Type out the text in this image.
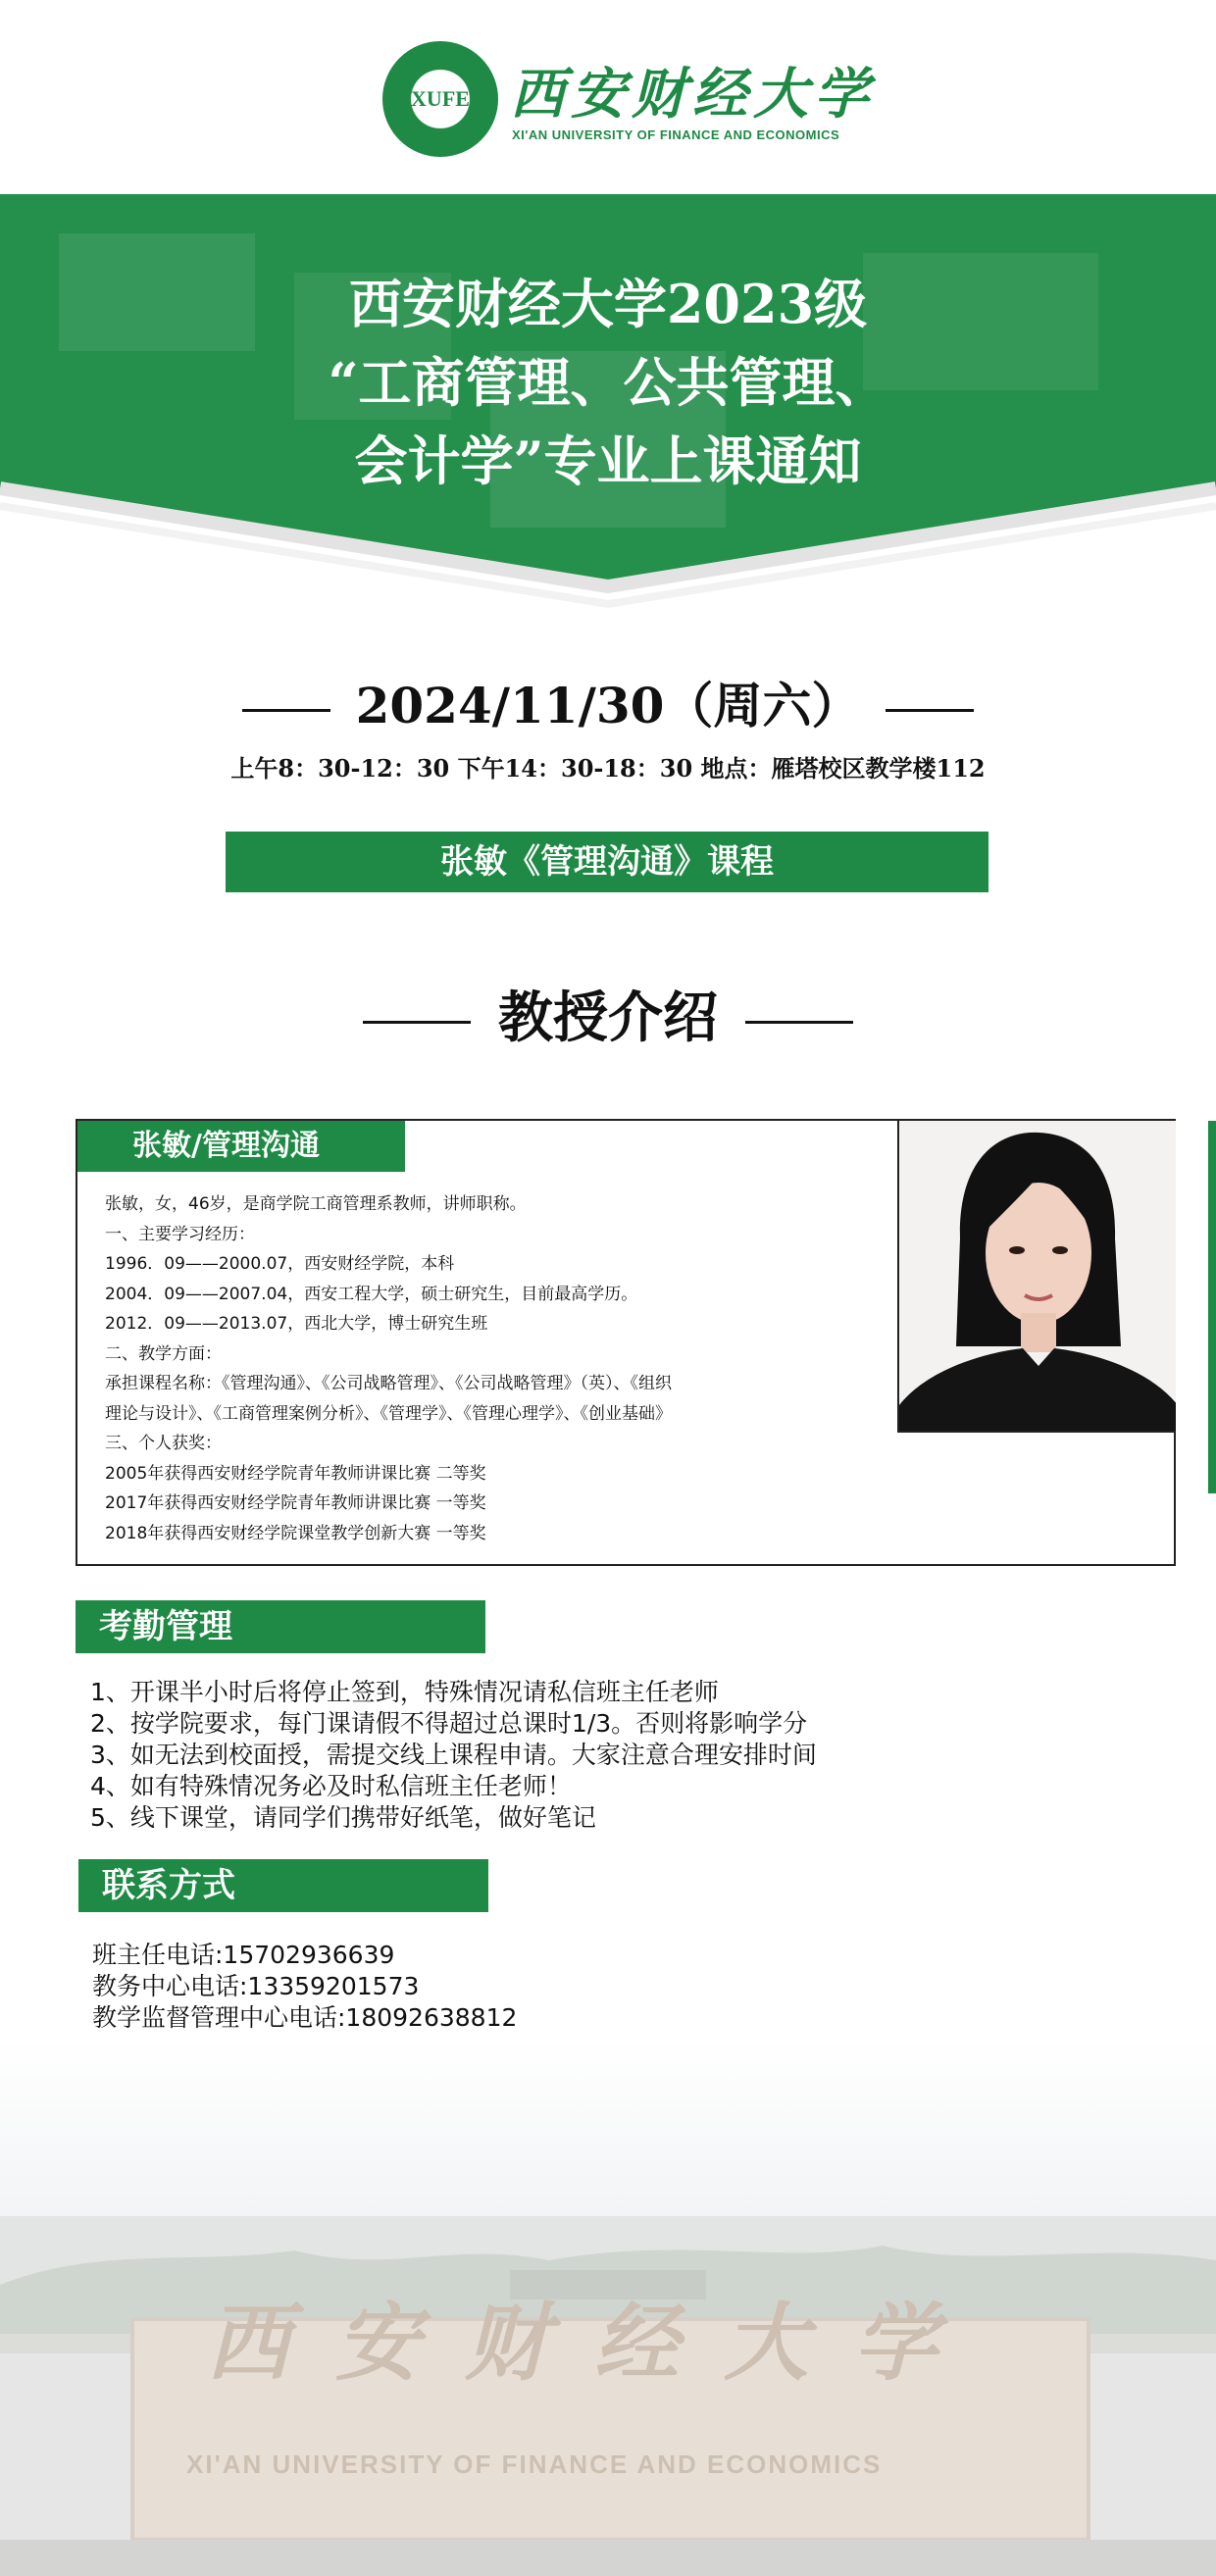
XUFE 西安财经大学
XI'AN UNIVERSITY OF FINANCE AND ECONOMICS
西安财经大学2023级
“工商管理、公共管理、
会计学”专业上课通知
2024/11/30（周六）
上午8：30-12：30 下午14：30-18：30 地点：雁塔校区教学楼112
张敏《管理沟通》课程
教授介绍
张敏/管理沟通
张敏，女，46岁，是商学院工商管理系教师，讲师职称。
一、主要学习经历：
1996．09——2000.07，西安财经学院，本科
2004．09——2007.04，西安工程大学，硕士研究生，目前最高学历。
2012．09——2013.07，西北大学，博士研究生班
二、教学方面：
承担课程名称：《管理沟通》、《公司战略管理》、《公司战略管理》（英）、《组织
理论与设计》、《工商管理案例分析》、《管理学》、《管理心理学》、《创业基础》
三、个人获奖：
2005年获得西安财经学院青年教师讲课比赛 二等奖
2017年获得西安财经学院青年教师讲课比赛 一等奖
2018年获得西安财经学院课堂教学创新大赛 一等奖
考勤管理
1、开课半小时后将停止签到，特殊情况请私信班主任老师
2、按学院要求，每门课请假不得超过总课时1/3。否则将影响学分
3、如无法到校面授，需提交线上课程申请。大家注意合理安排时间
4、如有特殊情况务必及时私信班主任老师！
5、线下课堂，请同学们携带好纸笔，做好笔记
联系方式
西安财经大学
XI'AN UNIVERSITY OF FINANCE AND ECONOMICS
班主任电话:15702936639
教务中心电话:13359201573
教学监督管理中心电话:18092638812
